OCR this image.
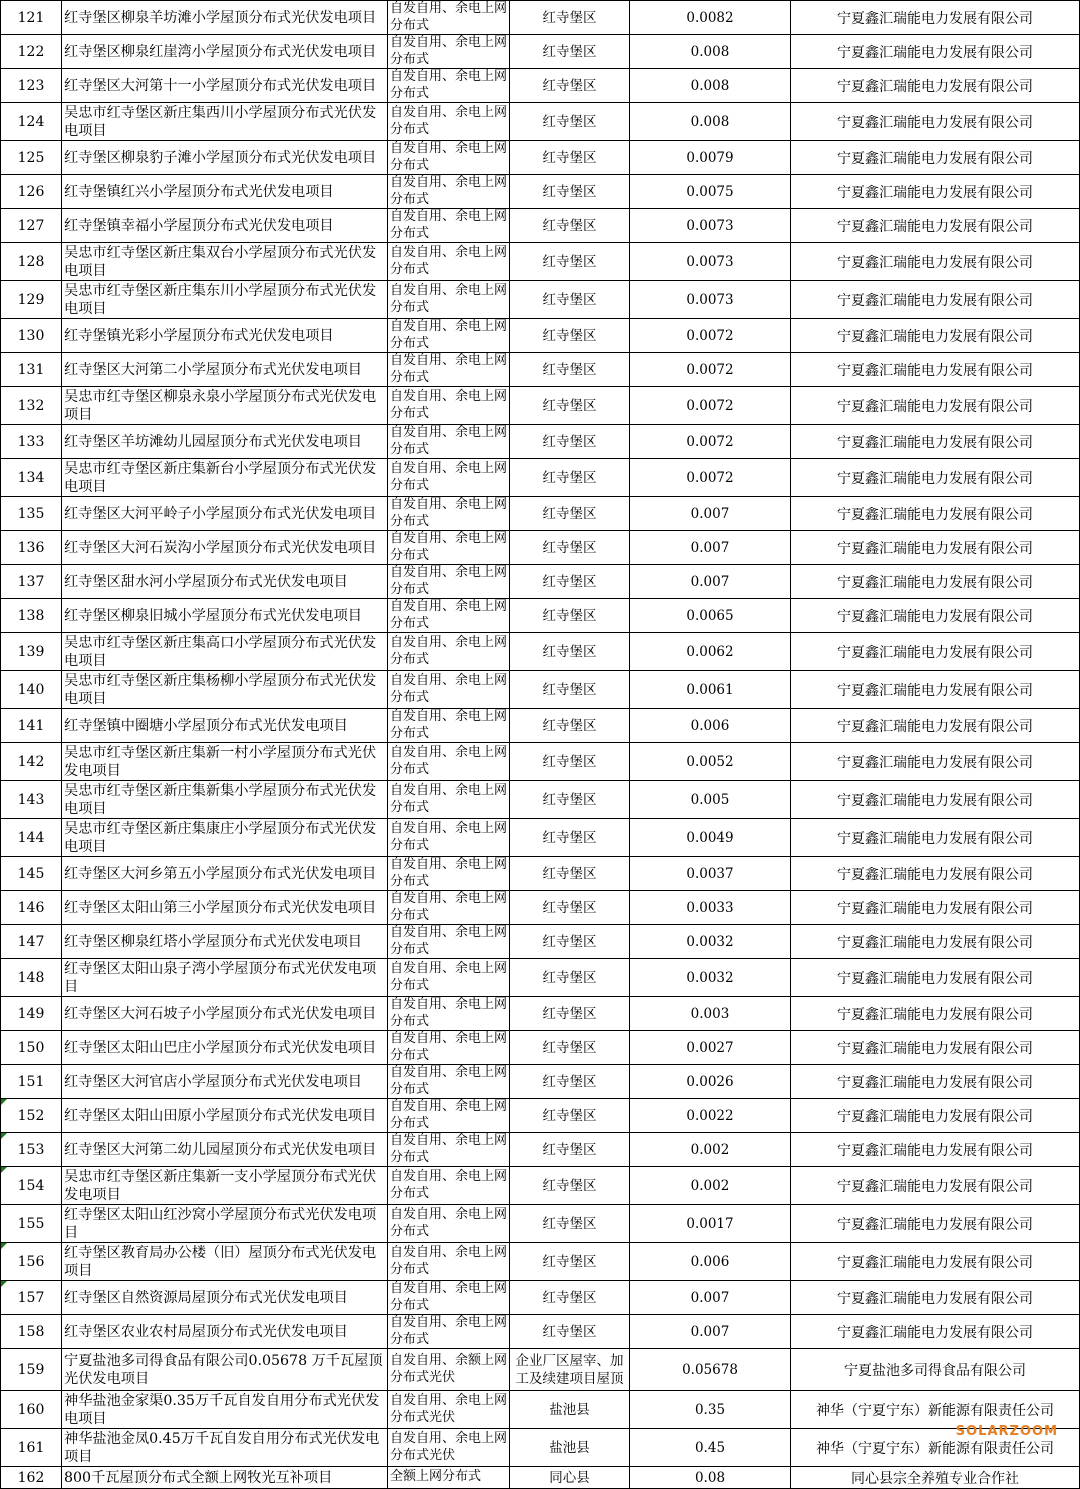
121	红寺堡区柳泉羊坊滩小学屋顶分布式光伏发电项目	自发自用、余电上网分布式	红寺堡区	0.0082	宁夏鑫汇瑞能电力发展有限公司
122	红寺堡区柳泉红崖湾小学屋顶分布式光伏发电项目	自发自用、余电上网分布式	红寺堡区	0.008	宁夏鑫汇瑞能电力发展有限公司
123	红寺堡区大河第十一小学屋顶分布式光伏发电项目	自发自用、余电上网分布式	红寺堡区	0.008	宁夏鑫汇瑞能电力发展有限公司
124	吴忠市红寺堡区新庄集西川小学屋顶分布式光伏发电项目	自发自用、余电上网分布式	红寺堡区	0.008	宁夏鑫汇瑞能电力发展有限公司
125	红寺堡区柳泉豹子滩小学屋顶分布式光伏发电项目	自发自用、余电上网分布式	红寺堡区	0.0079	宁夏鑫汇瑞能电力发展有限公司
126	红寺堡镇红兴小学屋顶分布式光伏发电项目	自发自用、余电上网分布式	红寺堡区	0.0075	宁夏鑫汇瑞能电力发展有限公司
127	红寺堡镇幸福小学屋顶分布式光伏发电项目	自发自用、余电上网分布式	红寺堡区	0.0073	宁夏鑫汇瑞能电力发展有限公司
128	吴忠市红寺堡区新庄集双台小学屋顶分布式光伏发电项目	自发自用、余电上网分布式	红寺堡区	0.0073	宁夏鑫汇瑞能电力发展有限公司
129	吴忠市红寺堡区新庄集东川小学屋顶分布式光伏发电项目	自发自用、余电上网分布式	红寺堡区	0.0073	宁夏鑫汇瑞能电力发展有限公司
130	红寺堡镇光彩小学屋顶分布式光伏发电项目	自发自用、余电上网分布式	红寺堡区	0.0072	宁夏鑫汇瑞能电力发展有限公司
131	红寺堡区大河第二小学屋顶分布式光伏发电项目	自发自用、余电上网分布式	红寺堡区	0.0072	宁夏鑫汇瑞能电力发展有限公司
132	吴忠市红寺堡区柳泉永泉小学屋顶分布式光伏发电项目	自发自用、余电上网分布式	红寺堡区	0.0072	宁夏鑫汇瑞能电力发展有限公司
133	红寺堡区羊坊滩幼儿园屋顶分布式光伏发电项目	自发自用、余电上网分布式	红寺堡区	0.0072	宁夏鑫汇瑞能电力发展有限公司
134	吴忠市红寺堡区新庄集新台小学屋顶分布式光伏发电项目	自发自用、余电上网分布式	红寺堡区	0.0072	宁夏鑫汇瑞能电力发展有限公司
135	红寺堡区大河平岭子小学屋顶分布式光伏发电项目	自发自用、余电上网分布式	红寺堡区	0.007	宁夏鑫汇瑞能电力发展有限公司
136	红寺堡区大河石炭沟小学屋顶分布式光伏发电项目	自发自用、余电上网分布式	红寺堡区	0.007	宁夏鑫汇瑞能电力发展有限公司
137	红寺堡区甜水河小学屋顶分布式光伏发电项目	自发自用、余电上网分布式	红寺堡区	0.007	宁夏鑫汇瑞能电力发展有限公司
138	红寺堡区柳泉旧城小学屋顶分布式光伏发电项目	自发自用、余电上网分布式	红寺堡区	0.0065	宁夏鑫汇瑞能电力发展有限公司
139	吴忠市红寺堡区新庄集高口小学屋顶分布式光伏发电项目	自发自用、余电上网分布式	红寺堡区	0.0062	宁夏鑫汇瑞能电力发展有限公司
140	吴忠市红寺堡区新庄集杨柳小学屋顶分布式光伏发电项目	自发自用、余电上网分布式	红寺堡区	0.0061	宁夏鑫汇瑞能电力发展有限公司
141	红寺堡镇中圈塘小学屋顶分布式光伏发电项目	自发自用、余电上网分布式	红寺堡区	0.006	宁夏鑫汇瑞能电力发展有限公司
142	吴忠市红寺堡区新庄集新一村小学屋顶分布式光伏发电项目	自发自用、余电上网分布式	红寺堡区	0.0052	宁夏鑫汇瑞能电力发展有限公司
143	吴忠市红寺堡区新庄集新集小学屋顶分布式光伏发电项目	自发自用、余电上网分布式	红寺堡区	0.005	宁夏鑫汇瑞能电力发展有限公司
144	吴忠市红寺堡区新庄集康庄小学屋顶分布式光伏发电项目	自发自用、余电上网分布式	红寺堡区	0.0049	宁夏鑫汇瑞能电力发展有限公司
145	红寺堡区大河乡第五小学屋顶分布式光伏发电项目	自发自用、余电上网分布式	红寺堡区	0.0037	宁夏鑫汇瑞能电力发展有限公司
146	红寺堡区太阳山第三小学屋顶分布式光伏发电项目	自发自用、余电上网分布式	红寺堡区	0.0033	宁夏鑫汇瑞能电力发展有限公司
147	红寺堡区柳泉红塔小学屋顶分布式光伏发电项目	自发自用、余电上网分布式	红寺堡区	0.0032	宁夏鑫汇瑞能电力发展有限公司
148	红寺堡区太阳山泉子湾小学屋顶分布式光伏发电项目	自发自用、余电上网分布式	红寺堡区	0.0032	宁夏鑫汇瑞能电力发展有限公司
149	红寺堡区大河石坡子小学屋顶分布式光伏发电项目	自发自用、余电上网分布式	红寺堡区	0.003	宁夏鑫汇瑞能电力发展有限公司
150	红寺堡区太阳山巴庄小学屋顶分布式光伏发电项目	自发自用、余电上网分布式	红寺堡区	0.0027	宁夏鑫汇瑞能电力发展有限公司
151	红寺堡区大河官店小学屋顶分布式光伏发电项目	自发自用、余电上网分布式	红寺堡区	0.0026	宁夏鑫汇瑞能电力发展有限公司
152	红寺堡区太阳山田原小学屋顶分布式光伏发电项目	自发自用、余电上网分布式	红寺堡区	0.0022	宁夏鑫汇瑞能电力发展有限公司
153	红寺堡区大河第二幼儿园屋顶分布式光伏发电项目	自发自用、余电上网分布式	红寺堡区	0.002	宁夏鑫汇瑞能电力发展有限公司
154	吴忠市红寺堡区新庄集新一支小学屋顶分布式光伏发电项目	自发自用、余电上网分布式	红寺堡区	0.002	宁夏鑫汇瑞能电力发展有限公司
155	红寺堡区太阳山红沙窝小学屋顶分布式光伏发电项目	自发自用、余电上网分布式	红寺堡区	0.0017	宁夏鑫汇瑞能电力发展有限公司
156	红寺堡区教育局办公楼（旧）屋顶分布式光伏发电项目	自发自用、余电上网分布式	红寺堡区	0.006	宁夏鑫汇瑞能电力发展有限公司
157	红寺堡区自然资源局屋顶分布式光伏发电项目	自发自用、余电上网分布式	红寺堡区	0.007	宁夏鑫汇瑞能电力发展有限公司
158	红寺堡区农业农村局屋顶分布式光伏发电项目	自发自用、余电上网分布式	红寺堡区	0.007	宁夏鑫汇瑞能电力发展有限公司
159	宁夏盐池多司得食品有限公司0.05678 万千瓦屋顶光伏发电项目	自发自用、余额上网分布式光伏	企业厂区屋宰、加工及续建项目屋顶	0.05678	宁夏盐池多司得食品有限公司
160	神华盐池金家渠0.35万千瓦自发自用分布式光伏发电项目	自发自用、余电上网分布式光伏	盐池县	0.35	神华（宁夏宁东）新能源有限责任公司
161	神华盐池金凤0.45万千瓦自发自用分布式光伏发电项目	自发自用、余电上网分布式光伏	盐池县	0.45	神华（宁夏宁东）新能源有限责任公司
162	800千瓦屋顶分布式全额上网牧光互补项目	全额上网分布式	同心县	0.08	同心县宗全养殖专业合作社
SOLARZOOM
